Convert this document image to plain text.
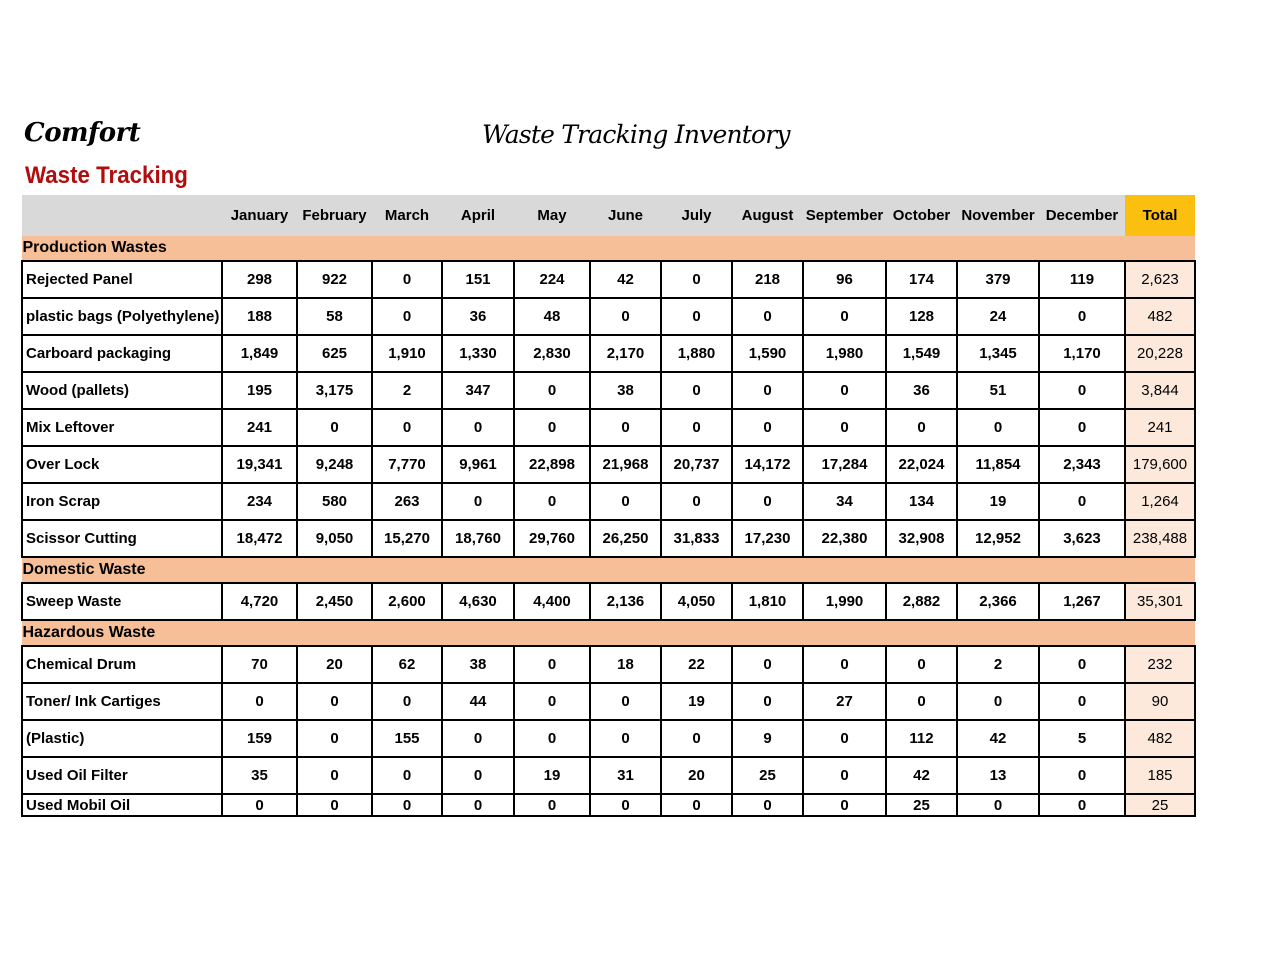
Comfort	Waste Tracking Inventory
Waste Tracking
	January	February	March	April	May	June	July	August	September	October	November	December	Total
Production Wastes													
Rejected Panel	298	922	0	151	224	42	0	218	96	174	379	119	2,623
plastic bags (Polyethylene)	188	58	0	36	48	0	0	0	0	128	24	0	482
Carboard packaging	1,849	625	1,910	1,330	2,830	2,170	1,880	1,590	1,980	1,549	1,345	1,170	20,228
Wood (pallets)	195	3,175	2	347	0	38	0	0	0	36	51	0	3,844
Mix Leftover	241	0	0	0	0	0	0	0	0	0	0	0	241
Over Lock	19,341	9,248	7,770	9,961	22,898	21,968	20,737	14,172	17,284	22,024	11,854	2,343	179,600
Iron Scrap	234	580	263	0	0	0	0	0	34	134	19	0	1,264
Scissor Cutting	18,472	9,050	15,270	18,760	29,760	26,250	31,833	17,230	22,380	32,908	12,952	3,623	238,488
Domestic Waste													
Sweep Waste	4,720	2,450	2,600	4,630	4,400	2,136	4,050	1,810	1,990	2,882	2,366	1,267	35,301
Hazardous Waste													
Chemical Drum	70	20	62	38	0	18	22	0	0	0	2	0	232
Toner/ Ink Cartiges	0	0	0	44	0	0	19	0	27	0	0	0	90
(Plastic)	159	0	155	0	0	0	0	9	0	112	42	5	482
Used Oil Filter	35	0	0	0	19	31	20	25	0	42	13	0	185
Used Mobil Oil	0	0	0	0	0	0	0	0	0	25	0	0	25
